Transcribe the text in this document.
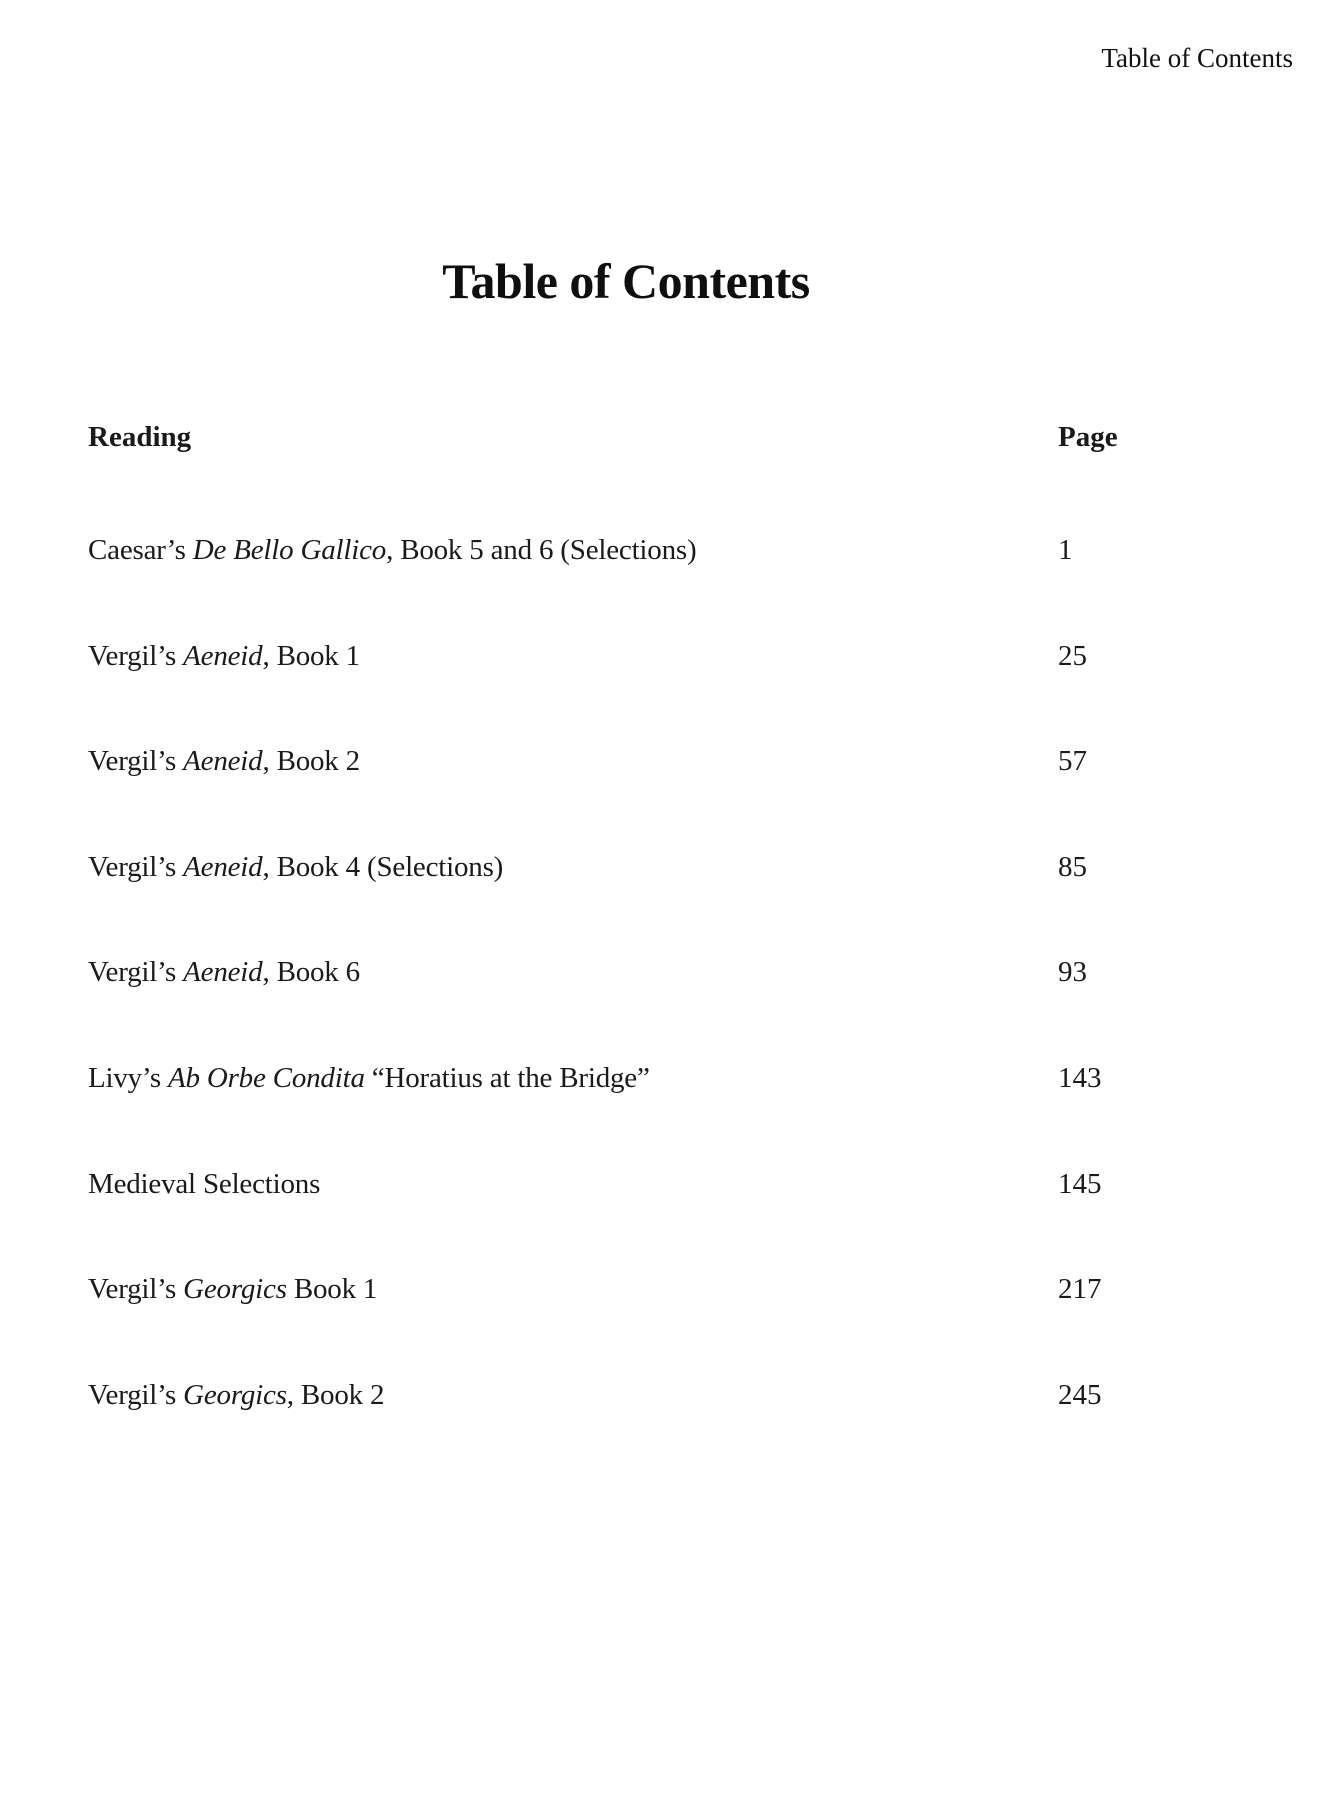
Table of Contents
Table of Contents
Reading	Page
Caesar’s De Bello Gallico, Book 5 and 6 (Selections)	1
Vergil’s Aeneid, Book 1	25
Vergil’s Aeneid, Book 2	57
Vergil’s Aeneid, Book 4 (Selections)	85
Vergil’s Aeneid, Book 6	93
Livy’s Ab Orbe Condita “Horatius at the Bridge”	143
Medieval Selections	145
Vergil’s Georgics Book 1	217
Vergil’s Georgics, Book 2	245
